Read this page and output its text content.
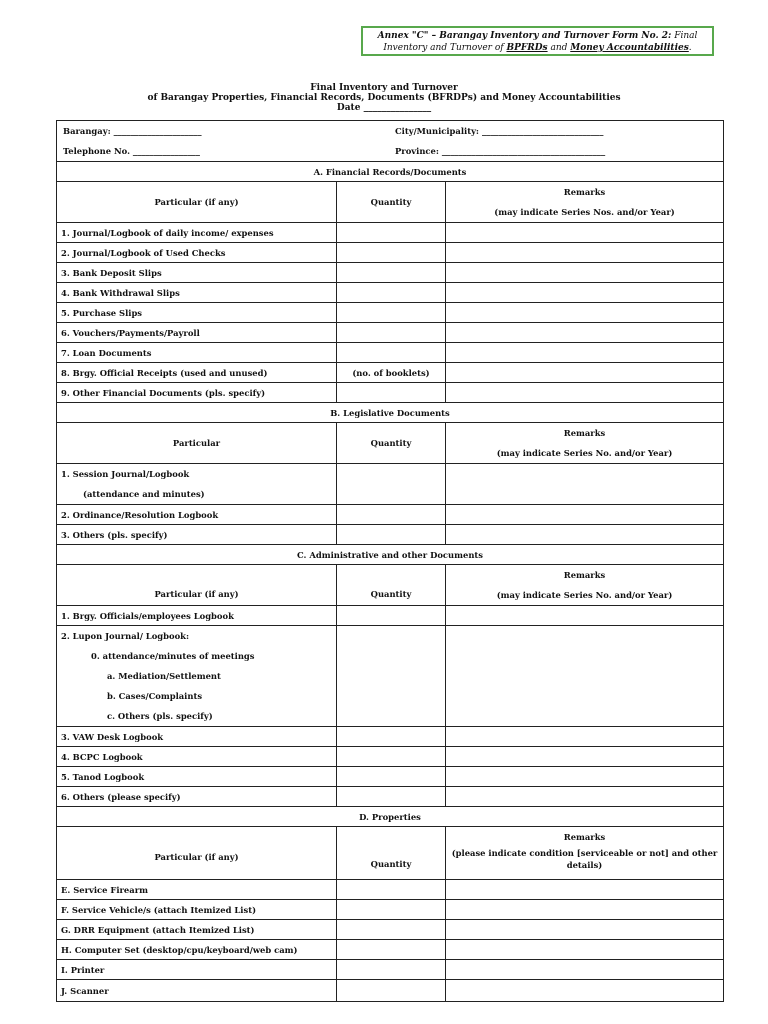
Annex "C" – Barangay Inventory and Turnover Form No. 2: Final Inventory and Turnover of BPFRDs and Money Accountabilities.
Final Inventory and Turnover
of Barangay Properties, Financial Records, Documents (BFRDPs) and Money Accountabilities
Date _______________
Barangay: _____________________ City/Municipality: _____________________________
Telephone No. ________________ Province: _______________________________________		

A. Financial Records/Documents		
Particular (if any)	Quantity	Remarks
(may indicate Series Nos. and/or Year)

1. Journal/Logbook of daily income/ expenses		
2. Journal/Logbook of Used Checks		
3. Bank Deposit Slips		
4. Bank Withdrawal Slips		
5. Purchase Slips		
6. Vouchers/Payments/Payroll		
7. Loan Documents		
8. Brgy. Official Receipts (used and unused)	(no. of booklets)	
9. Other Financial Documents (pls. specify)		
B. Legislative Documents		
Particular	Quantity	Remarks
(may indicate Series No. and/or Year)

1. Session Journal/Logbook
(attendance and minutes)		

2. Ordinance/Resolution Logbook		
3. Others (pls. specify)		
C. Administrative and other Documents		
Particular (if any)	Quantity	Remarks
(may indicate Series No. and/or Year)

1. Brgy. Officials/employees Logbook		

2. Lupon Journal/ Logbook:
0. attendance/minutes of meetings
a. Mediation/Settlement
b. Cases/Complaints
c. Others (pls. specify)		

3. VAW Desk Logbook		
4. BCPC Logbook		
5. Tanod Logbook		
6. Others (please specify)		
D. Properties		
Particular (if any)	Quantity	Remarks
(please indicate condition [serviceable or not] and other details)

E. Service Firearm		
F. Service Vehicle/s (attach Itemized List)		
G. DRR Equipment (attach Itemized List)		
H. Computer Set (desktop/cpu/keyboard/web cam)		
I. Printer		
J. Scanner		
